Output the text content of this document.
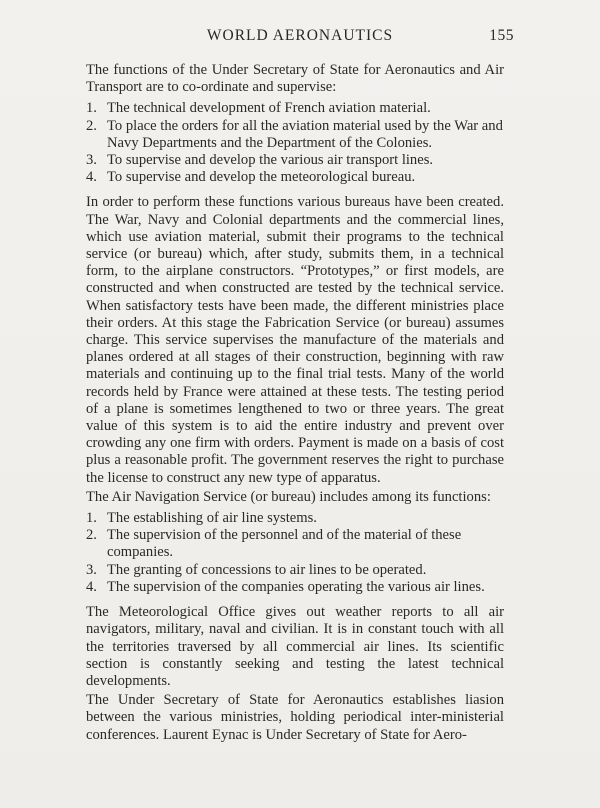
WORLD AERONAUTICS	155

The functions of the Under Secretary of State for Aeronautics and Air Transport are to co-ordinate and supervise:

1. The technical development of French aviation material.
2. To place the orders for all the aviation material used by the War and Navy Departments and the Department of the Colonies.
3. To supervise and develop the various air transport lines.
4. To supervise and develop the meteorological bureau.

In order to perform these functions various bureaus have been created. The War, Navy and Colonial departments and the commercial lines, which use aviation material, submit their programs to the technical service (or bureau) which, after study, submits them, in a technical form, to the airplane constructors. “Prototypes,” or first models, are constructed and when constructed are tested by the technical service. When satisfactory tests have been made, the different ministries place their orders. At this stage the Fabrication Service (or bureau) assumes charge. This service supervises the manufacture of the materials and planes ordered at all stages of their construction, beginning with raw materials and continuing up to the final trial tests. Many of the world records held by France were attained at these tests. The testing period of a plane is sometimes lengthened to two or three years. The great value of this system is to aid the entire industry and prevent over crowding any one firm with orders. Payment is made on a basis of cost plus a reasonable profit. The government reserves the right to purchase the license to construct any new type of apparatus.

The Air Navigation Service (or bureau) includes among its functions:

1. The establishing of air line systems.
2. The supervision of the personnel and of the material of these companies.
3. The granting of concessions to air lines to be operated.
4. The supervision of the companies operating the various air lines.

The Meteorological Office gives out weather reports to all air navigators, military, naval and civilian. It is in constant touch with all the territories traversed by all commercial air lines. Its scientific section is constantly seeking and testing the latest technical developments.

The Under Secretary of State for Aeronautics establishes liasion between the various ministries, holding periodical inter-ministerial conferences. Laurent Eynac is Under Secretary of State for Aero-
